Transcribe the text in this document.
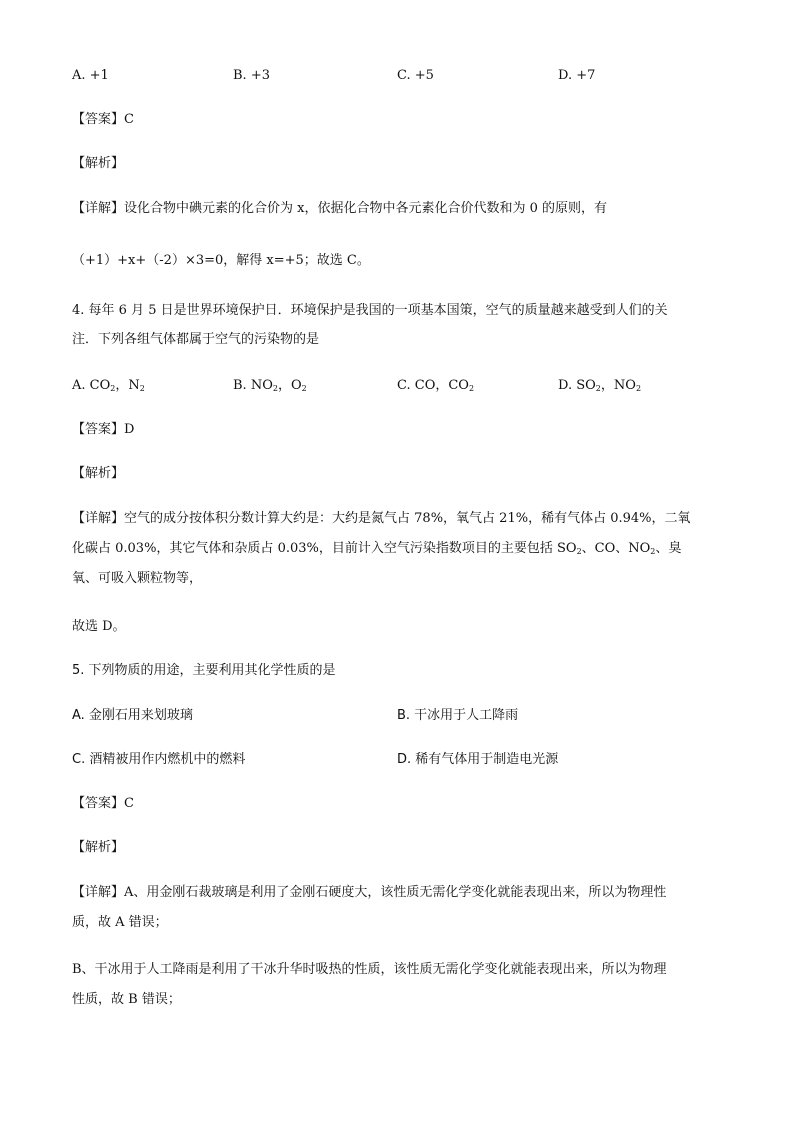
A. +1	B. +3	C. +5	D. +7
【答案】C
【解析】
【详解】设化合物中碘元素的化合价为 x，依据化合物中各元素化合价代数和为 0 的原则，有
（+1）+x+（-2）×3=0，解得 x=+5；故选 C。
4. 每年 6 月 5 日是世界环境保护日．环境保护是我国的一项基本国策，空气的质量越来越受到人们的关
注．下列各组气体都属于空气的污染物的是
A. $CO_2$，$N_2$	B. $NO_2$，$O_2$	C. CO，$CO_2$	D. $SO_2$，$NO_2$
【答案】D
【解析】
【详解】空气的成分按体积分数计算大约是：大约是氮气占 78%，氧气占 21%，稀有气体占 0.94%，二氧
化碳占 0.03%，其它气体和杂质占 0.03%，目前计入空气污染指数项目的主要包括 $SO_2$、CO、$NO_2$、臭
氧、可吸入颗粒物等，
故选 D。
5. 下列物质的用途，主要利用其化学性质的是
A. 金刚石用来划玻璃	B. 干冰用于人工降雨
C. 酒精被用作内燃机中的燃料	D. 稀有气体用于制造电光源
【答案】C
【解析】
【详解】A、用金刚石裁玻璃是利用了金刚石硬度大，该性质无需化学变化就能表现出来，所以为物理性
质，故 A 错误；
B、干冰用于人工降雨是利用了干冰升华时吸热的性质，该性质无需化学变化就能表现出来，所以为物理
性质，故 B 错误；
